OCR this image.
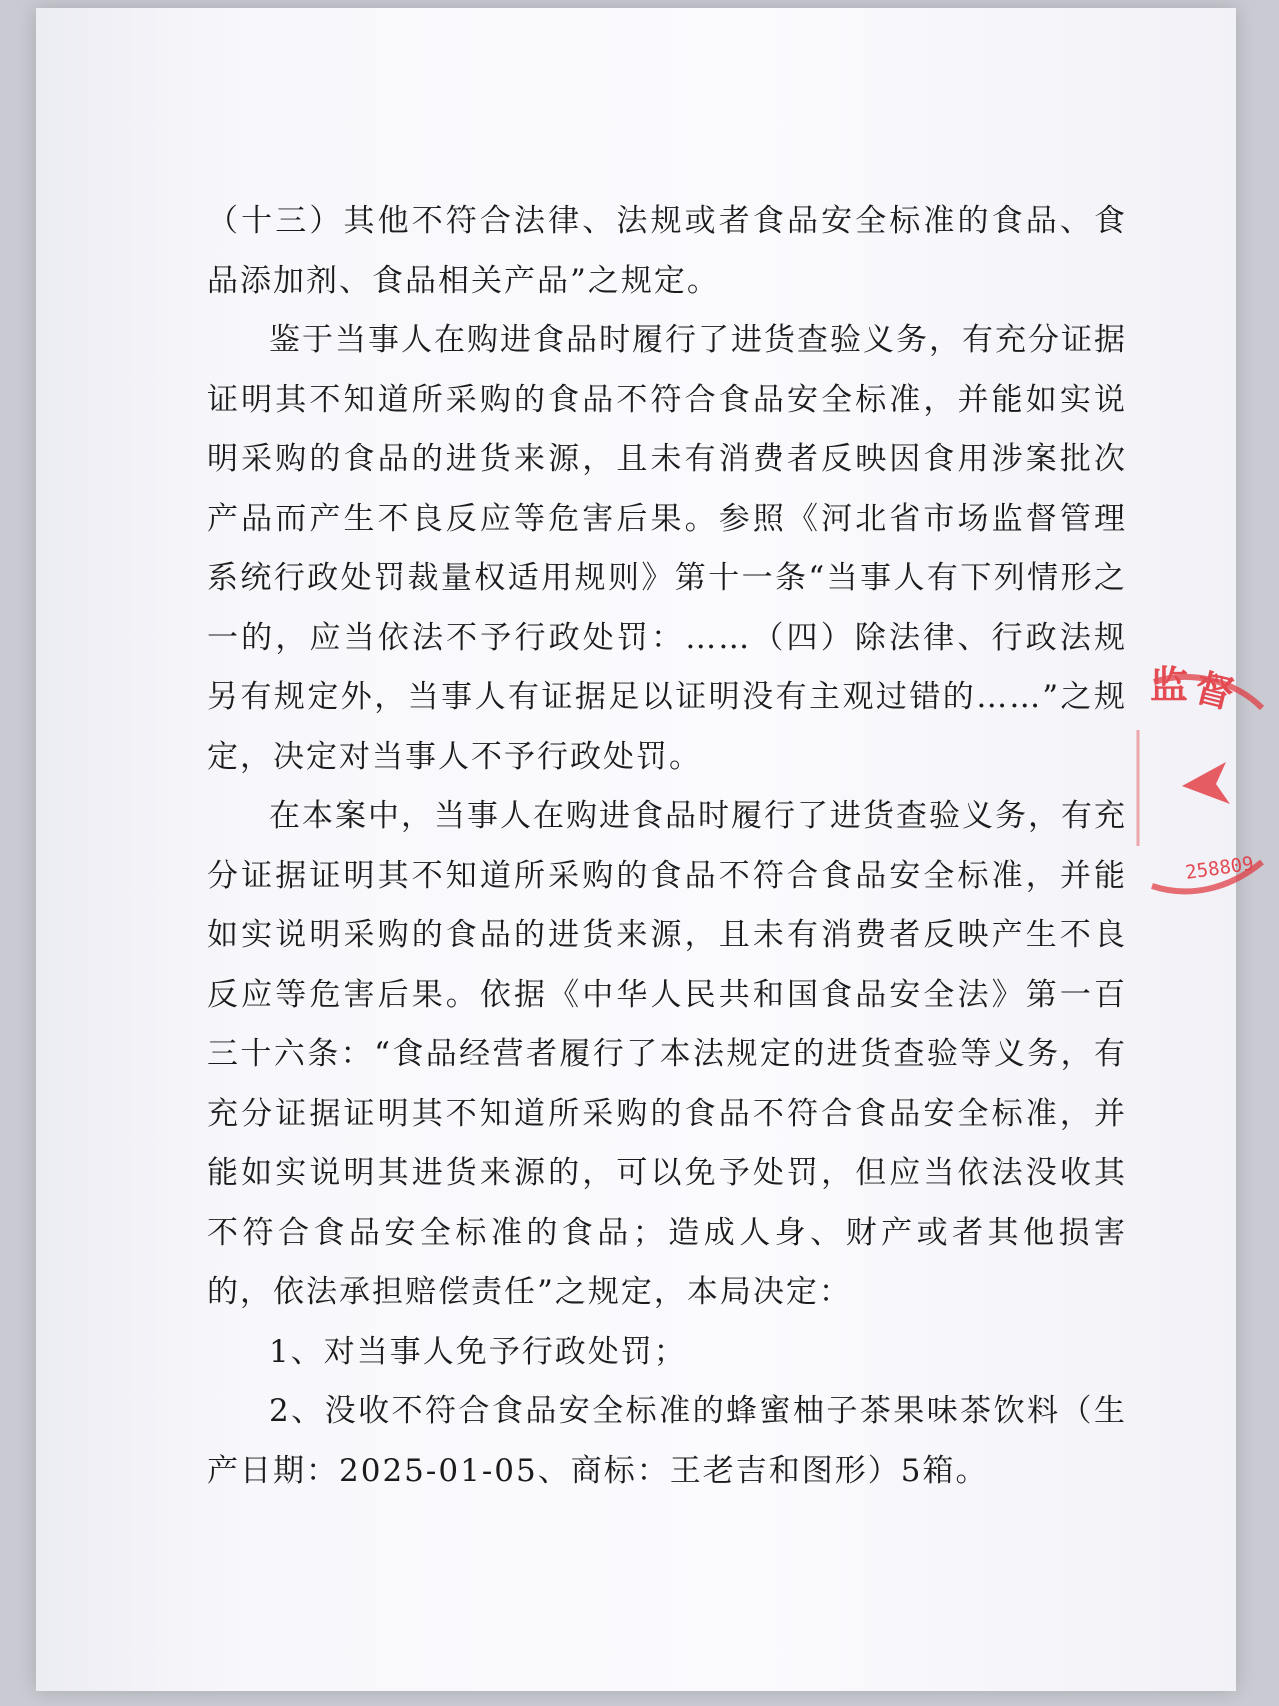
（十三）其他不符合法律、法规或者食品安全标准的食品、食品添加剂、食品相关产品”之规定。

鉴于当事人在购进食品时履行了进货查验义务，有充分证据证明其不知道所采购的食品不符合食品安全标准，并能如实说明采购的食品的进货来源，且未有消费者反映因食用涉案批次产品而产生不良反应等危害后果。参照《河北省市场监督管理系统行政处罚裁量权适用规则》第十一条“当事人有下列情形之一的，应当依法不予行政处罚：……（四）除法律、行政法规另有规定外，当事人有证据足以证明没有主观过错的……”之规定，决定对当事人不予行政处罚。

在本案中，当事人在购进食品时履行了进货查验义务，有充分证据证明其不知道所采购的食品不符合食品安全标准，并能如实说明采购的食品的进货来源，且未有消费者反映产生不良反应等危害后果。依据《中华人民共和国食品安全法》第一百三十六条：“食品经营者履行了本法规定的进货查验等义务，有充分证据证明其不知道所采购的食品不符合食品安全标准，并能如实说明其进货来源的，可以免予处罚，但应当依法没收其不符合食品安全标准的食品；造成人身、财产或者其他损害的，依法承担赔偿责任”之规定，本局决定：

1、对当事人免予行政处罚；

2、没收不符合食品安全标准的蜂蜜柚子茶果味茶饮料（生产日期：2025-01-05、商标：王老吉和图形）5箱。

监 督
258809
